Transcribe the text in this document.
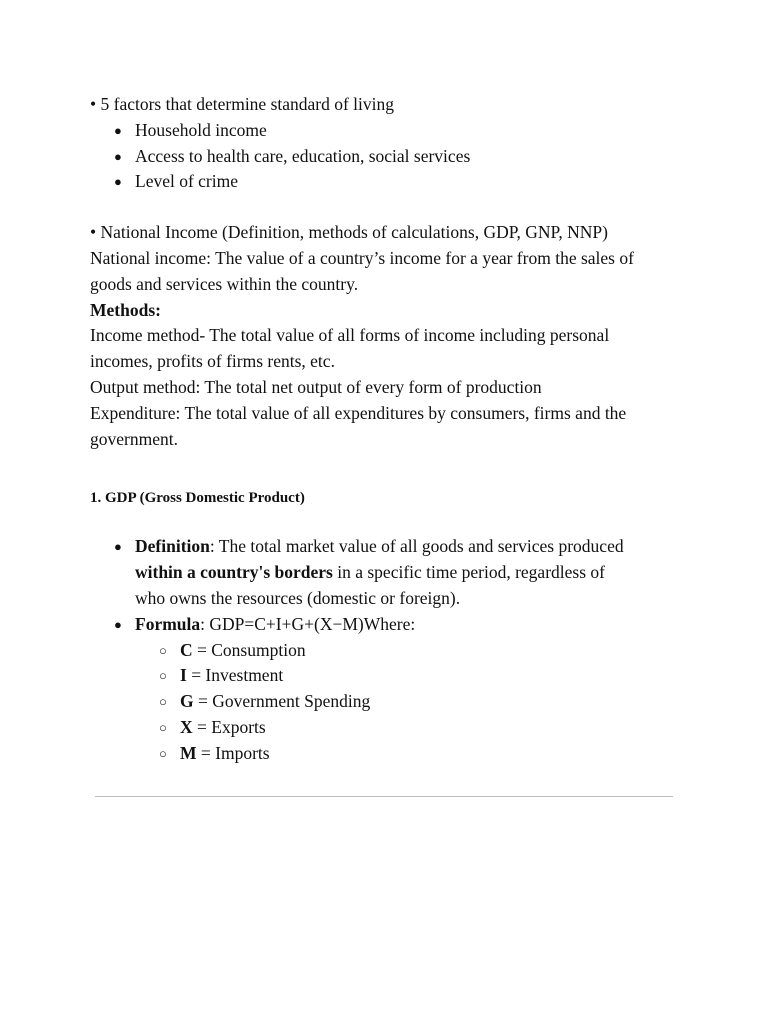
• 5 factors that determine standard of living

● Household income

● Access to health care, education, social services

● Level of crime

• National Income (Definition, methods of calculations, GDP, GNP, NNP)

National income: The value of a country’s income for a year from the sales of

goods and services within the country.

Methods:

Income method- The total value of all forms of income including personal

incomes, profits of firms rents, etc.

Output method: The total net output of every form of production

Expenditure: The total value of all expenditures by consumers, firms and the

government.

1. GDP (Gross Domestic Product)

● Definition: The total market value of all goods and services produced

within a country's borders in a specific time period, regardless of

who owns the resources (domestic or foreign).

● Formula: GDP=C+I+G+(X−M)Where:

○ C = Consumption

○ I = Investment

○ G = Government Spending

○ X = Exports

○ M = Imports
